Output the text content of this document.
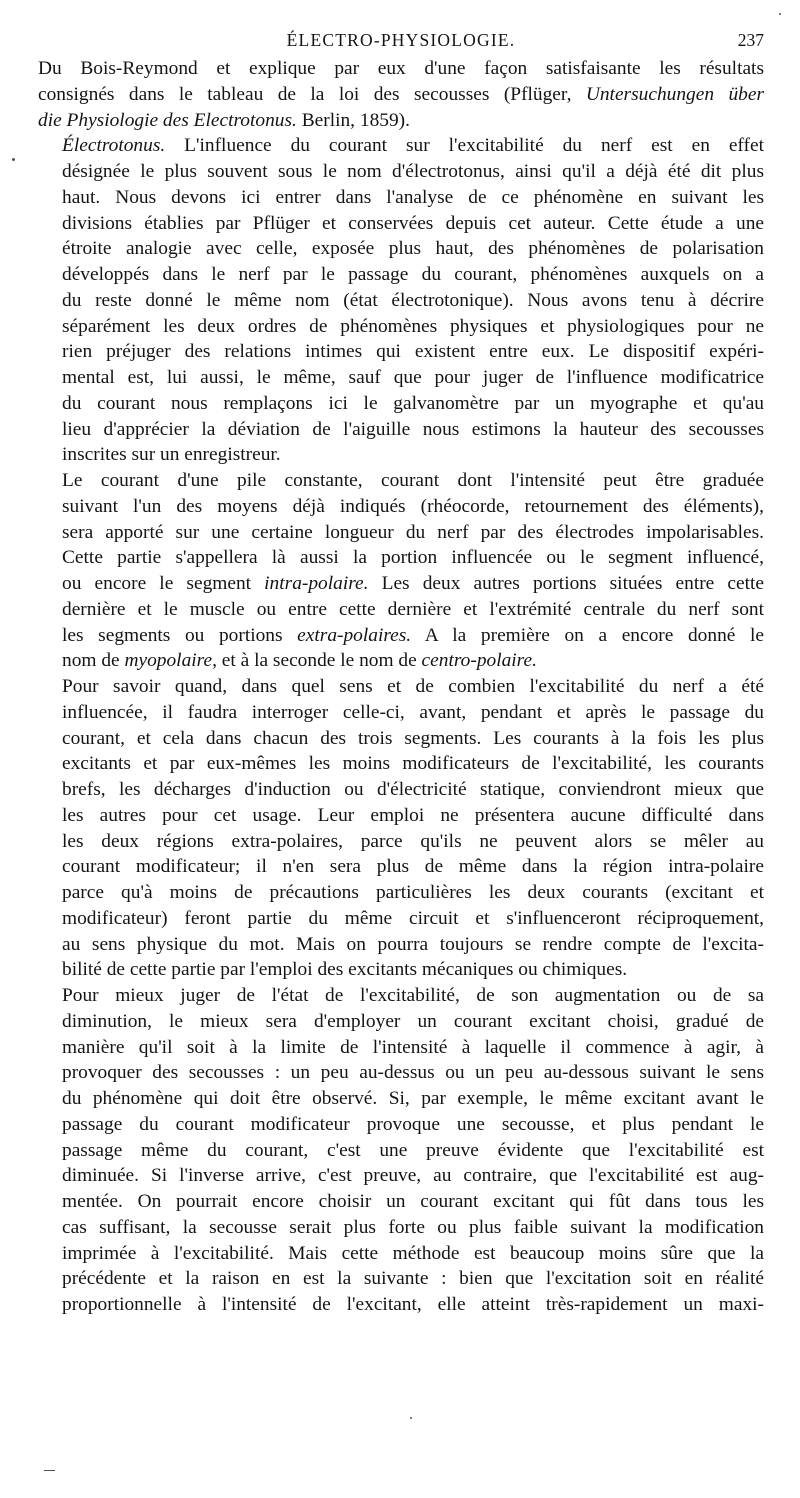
ÉLECTRO-PHYSIOLOGIE.	237
Du Bois-Reymond et explique par eux d'une façon satisfaisante les résultats
consignés dans le tableau de la loi des secousses (Pflüger, Untersuchungen über
die Physiologie des Electrotonus. Berlin, 1859).
Électrotonus. L'influence du courant sur l'excitabilité du nerf est en effet
désignée le plus souvent sous le nom d'électrotonus, ainsi qu'il a déjà été dit plus
haut. Nous devons ici entrer dans l'analyse de ce phénomène en suivant les
divisions établies par Pflüger et conservées depuis cet auteur. Cette étude a une
étroite analogie avec celle, exposée plus haut, des phénomènes de polarisation
développés dans le nerf par le passage du courant, phénomènes auxquels on a
du reste donné le même nom (état électrotonique). Nous avons tenu à décrire
séparément les deux ordres de phénomènes physiques et physiologiques pour ne
rien préjuger des relations intimes qui existent entre eux. Le dispositif expéri-
mental est, lui aussi, le même, sauf que pour juger de l'influence modificatrice
du courant nous remplaçons ici le galvanomètre par un myographe et qu'au
lieu d'apprécier la déviation de l'aiguille nous estimons la hauteur des secousses
inscrites sur un enregistreur.
Le courant d'une pile constante, courant dont l'intensité peut être graduée
suivant l'un des moyens déjà indiqués (rhéocorde, retournement des éléments),
sera apporté sur une certaine longueur du nerf par des électrodes impolarisables.
Cette partie s'appellera là aussi la portion influencée ou le segment influencé,
ou encore le segment intra-polaire. Les deux autres portions situées entre cette
dernière et le muscle ou entre cette dernière et l'extrémité centrale du nerf sont
les segments ou portions extra-polaires. A la première on a encore donné le
nom de myopolaire, et à la seconde le nom de centro-polaire.
Pour savoir quand, dans quel sens et de combien l'excitabilité du nerf a été
influencée, il faudra interroger celle-ci, avant, pendant et après le passage du
courant, et cela dans chacun des trois segments. Les courants à la fois les plus
excitants et par eux-mêmes les moins modificateurs de l'excitabilité, les courants
brefs, les décharges d'induction ou d'électricité statique, conviendront mieux que
les autres pour cet usage. Leur emploi ne présentera aucune difficulté dans
les deux régions extra-polaires, parce qu'ils ne peuvent alors se mêler au
courant modificateur; il n'en sera plus de même dans la région intra-polaire
parce qu'à moins de précautions particulières les deux courants (excitant et
modificateur) feront partie du même circuit et s'influenceront réciproquement,
au sens physique du mot. Mais on pourra toujours se rendre compte de l'excita-
bilité de cette partie par l'emploi des excitants mécaniques ou chimiques.
Pour mieux juger de l'état de l'excitabilité, de son augmentation ou de sa
diminution, le mieux sera d'employer un courant excitant choisi, gradué de
manière qu'il soit à la limite de l'intensité à laquelle il commence à agir, à
provoquer des secousses : un peu au-dessus ou un peu au-dessous suivant le sens
du phénomène qui doit être observé. Si, par exemple, le même excitant avant le
passage du courant modificateur provoque une secousse, et plus pendant le
passage même du courant, c'est une preuve évidente que l'excitabilité est
diminuée. Si l'inverse arrive, c'est preuve, au contraire, que l'excitabilité est aug-
mentée. On pourrait encore choisir un courant excitant qui fût dans tous les
cas suffisant, la secousse serait plus forte ou plus faible suivant la modification
imprimée à l'excitabilité. Mais cette méthode est beaucoup moins sûre que la
précédente et la raison en est la suivante : bien que l'excitation soit en réalité
proportionnelle à l'intensité de l'excitant, elle atteint très-rapidement un maxi-
